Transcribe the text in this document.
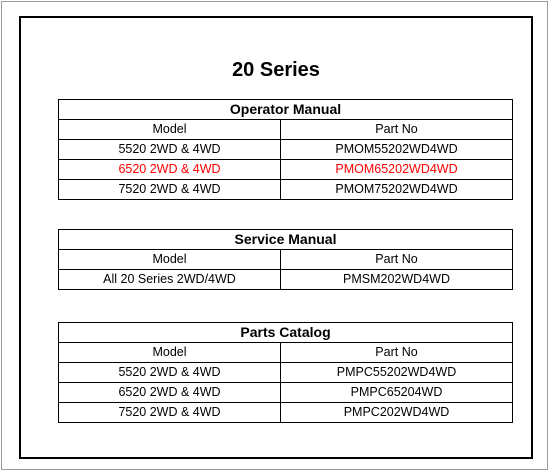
20 Series
Operator Manual	
Model	Part No
5520 2WD & 4WD	PMOM55202WD4WD
6520 2WD & 4WD	PMOM65202WD4WD
7520 2WD & 4WD	PMOM75202WD4WD
Service Manual	
Model	Part No
All 20 Series 2WD/4WD	PMSM202WD4WD
Parts Catalog	
Model	Part No
5520 2WD & 4WD	PMPC55202WD4WD
6520 2WD & 4WD	PMPC65204WD
7520 2WD & 4WD	PMPC202WD4WD
